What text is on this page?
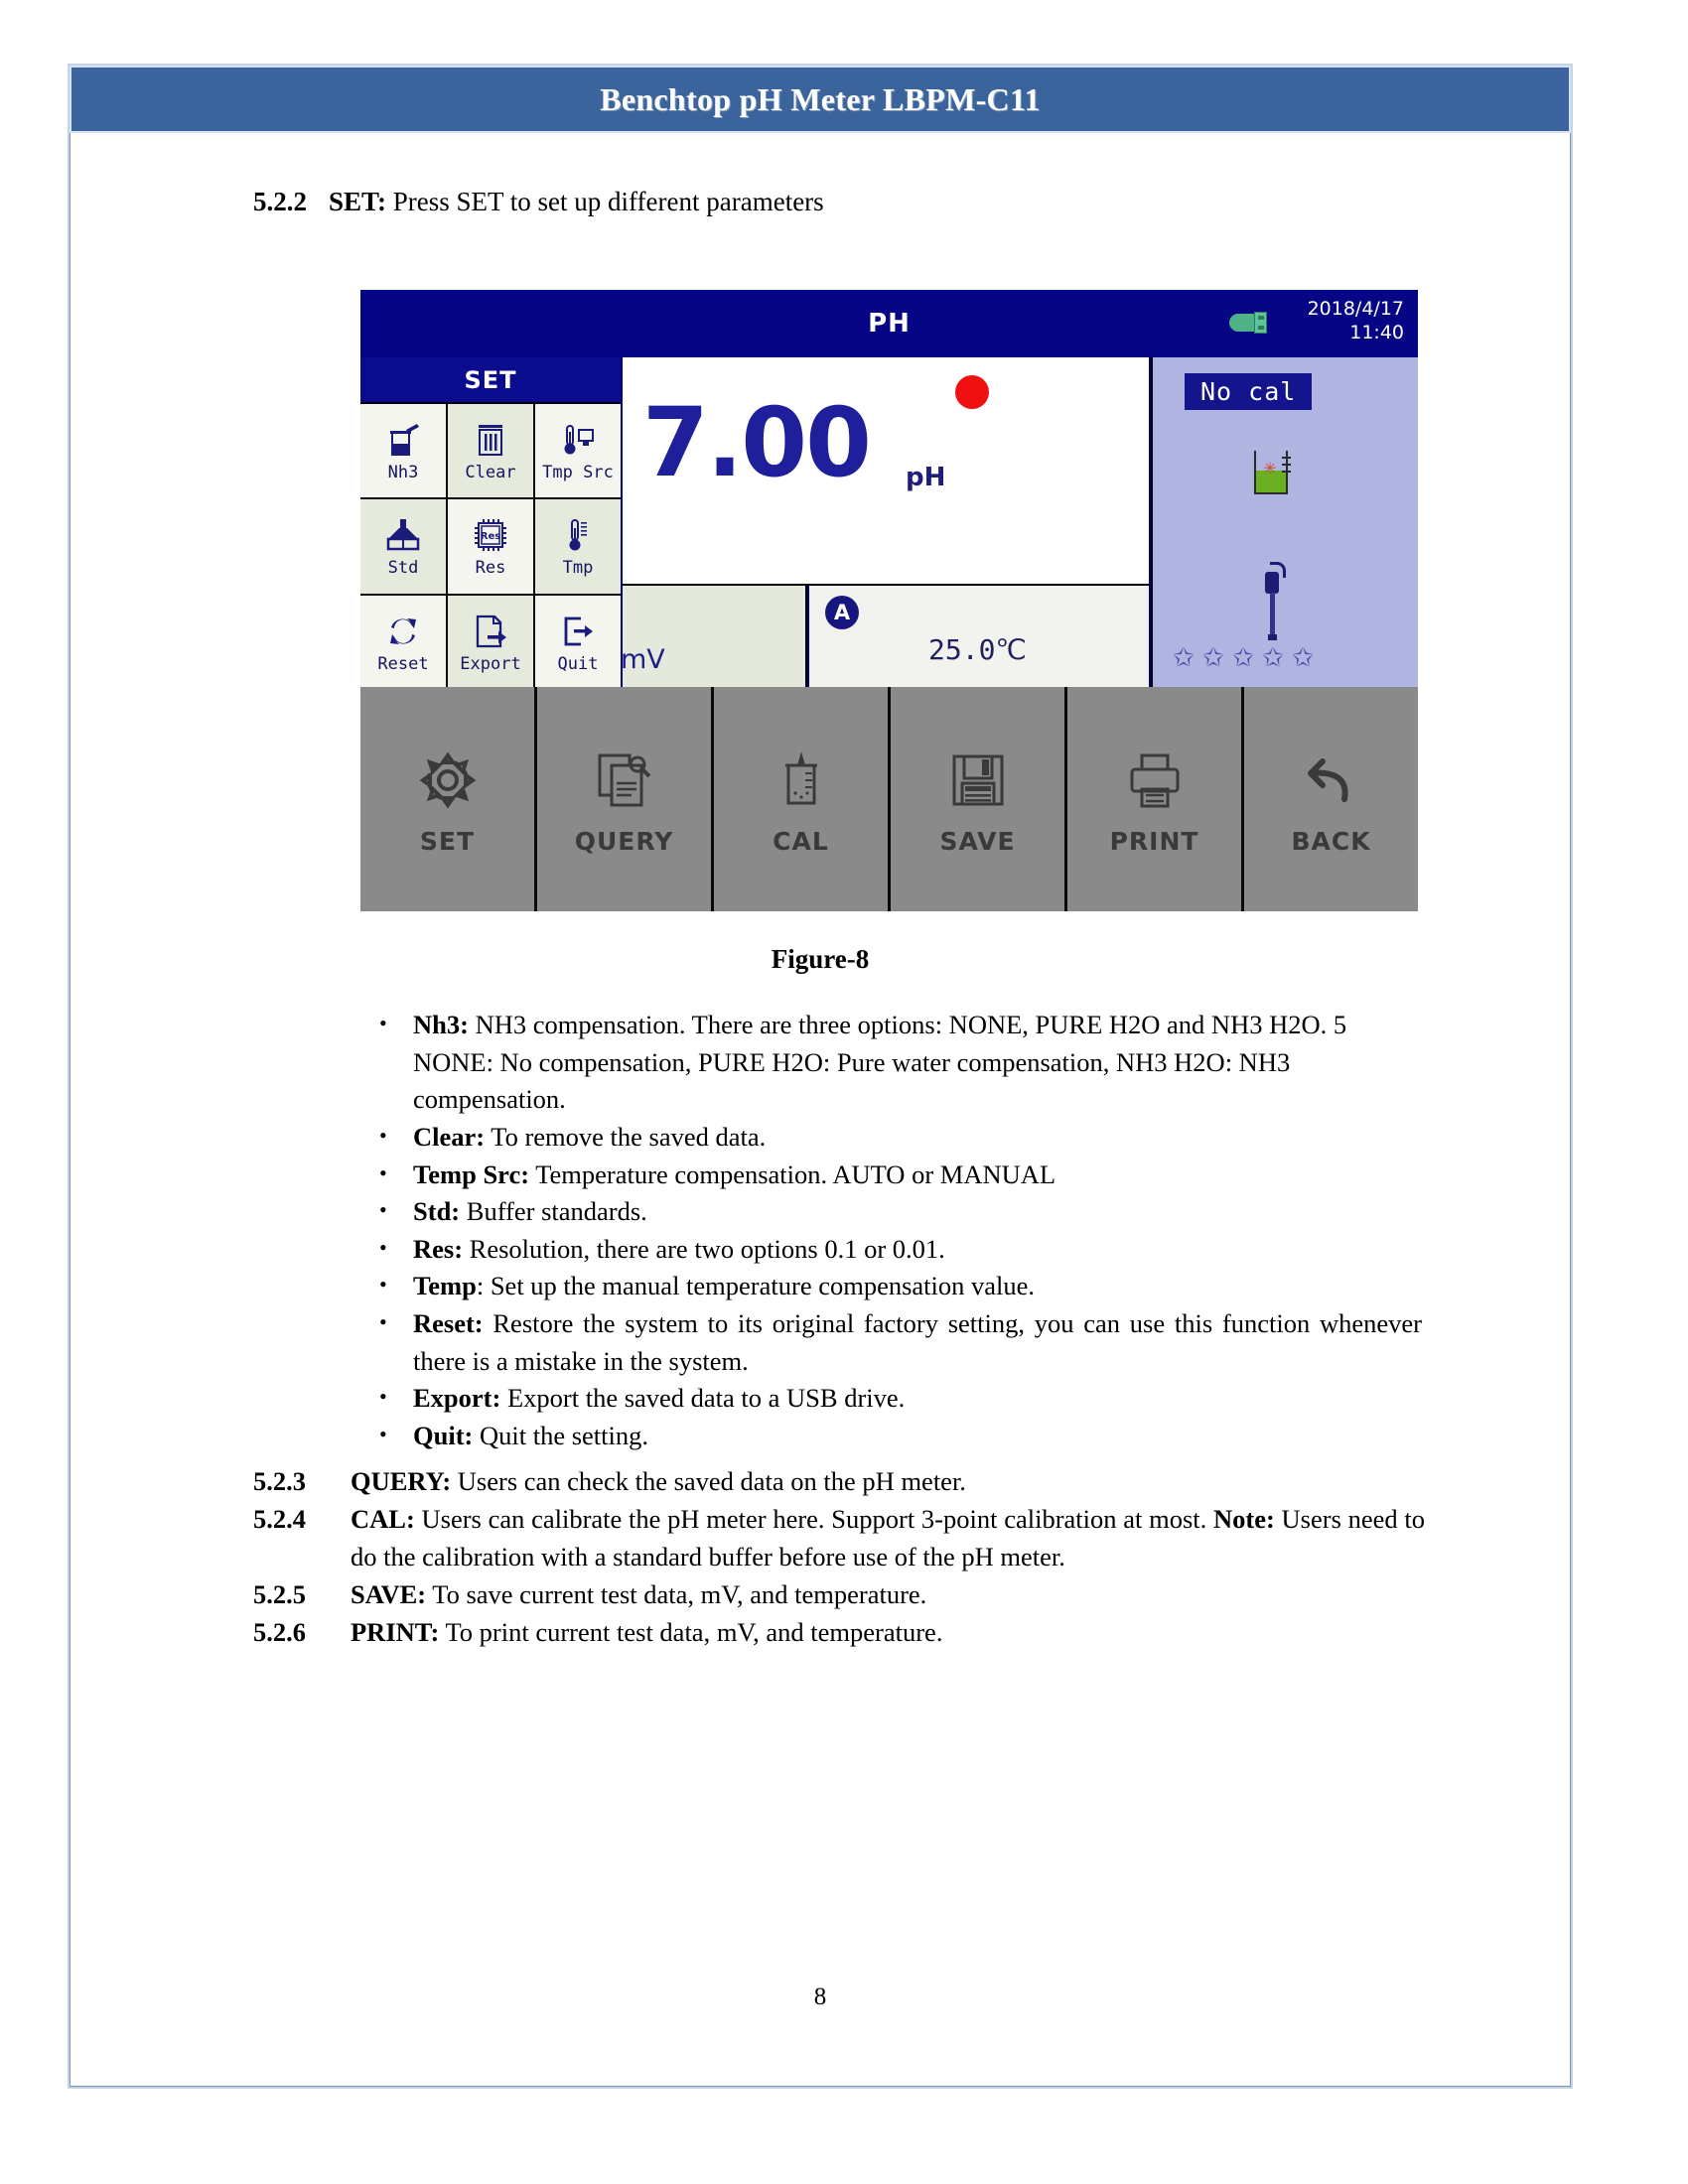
Benchtop pH Meter LBPM-C11
5.2.2 SET: Press SET to set up different parameters
PH	2018/4/17
11:40
SET
Nh3	Clear Tmp Src
Std
Res
Res	Tmp
Reset Export Quit
7.00 pH
mV
A
25.0℃
No cal
✳
✩ ✩ ✩ ✩ ✩
SET	QUERY	CAL	SAVE	PRINT	BACK
Figure-8
• Nh3: NH3 compensation. There are three options: NONE, PURE H2O and NH3 H2O. 5 NONE: No compensation, PURE H2O: Pure water compensation, NH3 H2O: NH3 compensation.
• Clear: To remove the saved data.
• Temp Src: Temperature compensation. AUTO or MANUAL
• Std: Buffer standards.
• Res: Resolution, there are two options 0.1 or 0.01.
• Temp: Set up the manual temperature compensation value.
• Reset: Restore the system to its original factory setting, you can use this function whenever there is a mistake in the system.
• Export: Export the saved data to a USB drive.
• Quit: Quit the setting.
5.2.3	QUERY: Users can check the saved data on the pH meter.
5.2.4	CAL: Users can calibrate the pH meter here. Support 3-point calibration at most. Note: Users need to do the calibration with a standard buffer before use of the pH meter.
5.2.5	SAVE: To save current test data, mV, and temperature.
5.2.6	PRINT: To print current test data, mV, and temperature.
8
